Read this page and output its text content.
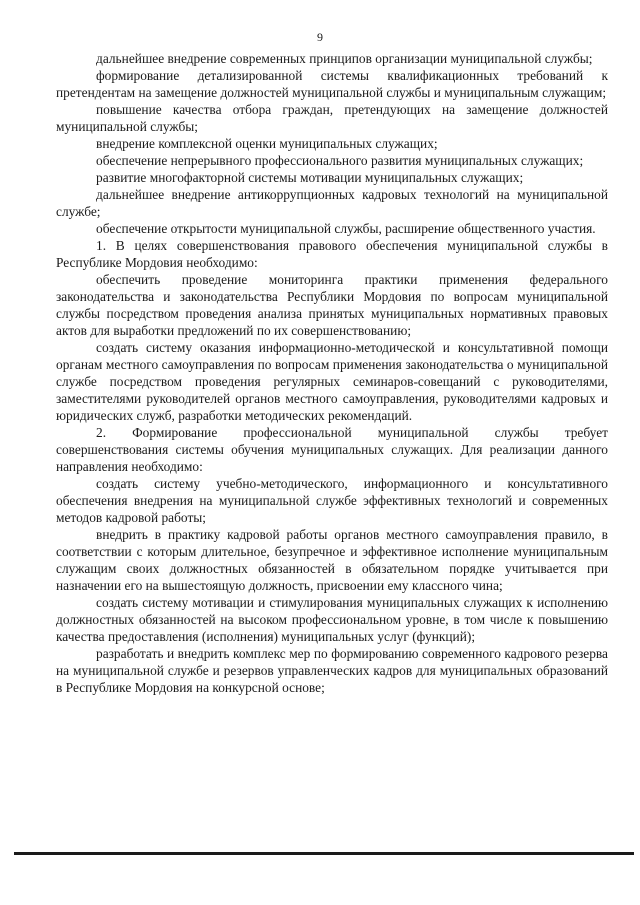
9

дальнейшее внедрение современных принципов организации муниципальной службы;

формирование детализированной системы квалификационных требований к претендентам на замещение должностей муниципальной службы и муниципальным служащим;

повышение качества отбора граждан, претендующих на замещение должностей муниципальной службы;

внедрение комплексной оценки муниципальных служащих;

обеспечение непрерывного профессионального развития муниципальных служащих;

развитие многофакторной системы мотивации муниципальных служащих;

дальнейшее внедрение антикоррупционных кадровых технологий на муниципальной службе;

обеспечение открытости муниципальной службы, расширение общественного участия.

1. В целях совершенствования правового обеспечения муниципальной службы в Республике Мордовия необходимо:

обеспечить проведение мониторинга практики применения федерального законодательства и законодательства Республики Мордовия по вопросам муниципальной службы посредством проведения анализа принятых муниципальных нормативных правовых актов для выработки предложений по их совершенствованию;

создать систему оказания информационно-методической и консультативной помощи органам местного самоуправления по вопросам применения законодательства о муниципальной службе посредством проведения регулярных семинаров-совещаний с руководителями, заместителями руководителей органов местного самоуправления, руководителями кадровых и юридических служб, разработки методических рекомендаций.

2. Формирование профессиональной муниципальной службы требует совершенствования системы обучения муниципальных служащих. Для реализации данного направления необходимо:

создать систему учебно-методического, информационного и консультативного обеспечения внедрения на муниципальной службе эффективных технологий и современных методов кадровой работы;

внедрить в практику кадровой работы органов местного самоуправления правило, в соответствии с которым длительное, безупречное и эффективное исполнение муниципальным служащим своих должностных обязанностей в обязательном порядке учитывается при назначении его на вышестоящую должность, присвоении ему классного чина;

создать систему мотивации и стимулирования муниципальных служащих к исполнению должностных обязанностей на высоком профессиональном уровне, в том числе к повышению качества предоставления (исполнения) муниципальных услуг (функций);

разработать и внедрить комплекс мер по формированию современного кадрового резерва на муниципальной службе и резервов управленческих кадров для муниципальных образований в Республике Мордовия на конкурсной основе;
